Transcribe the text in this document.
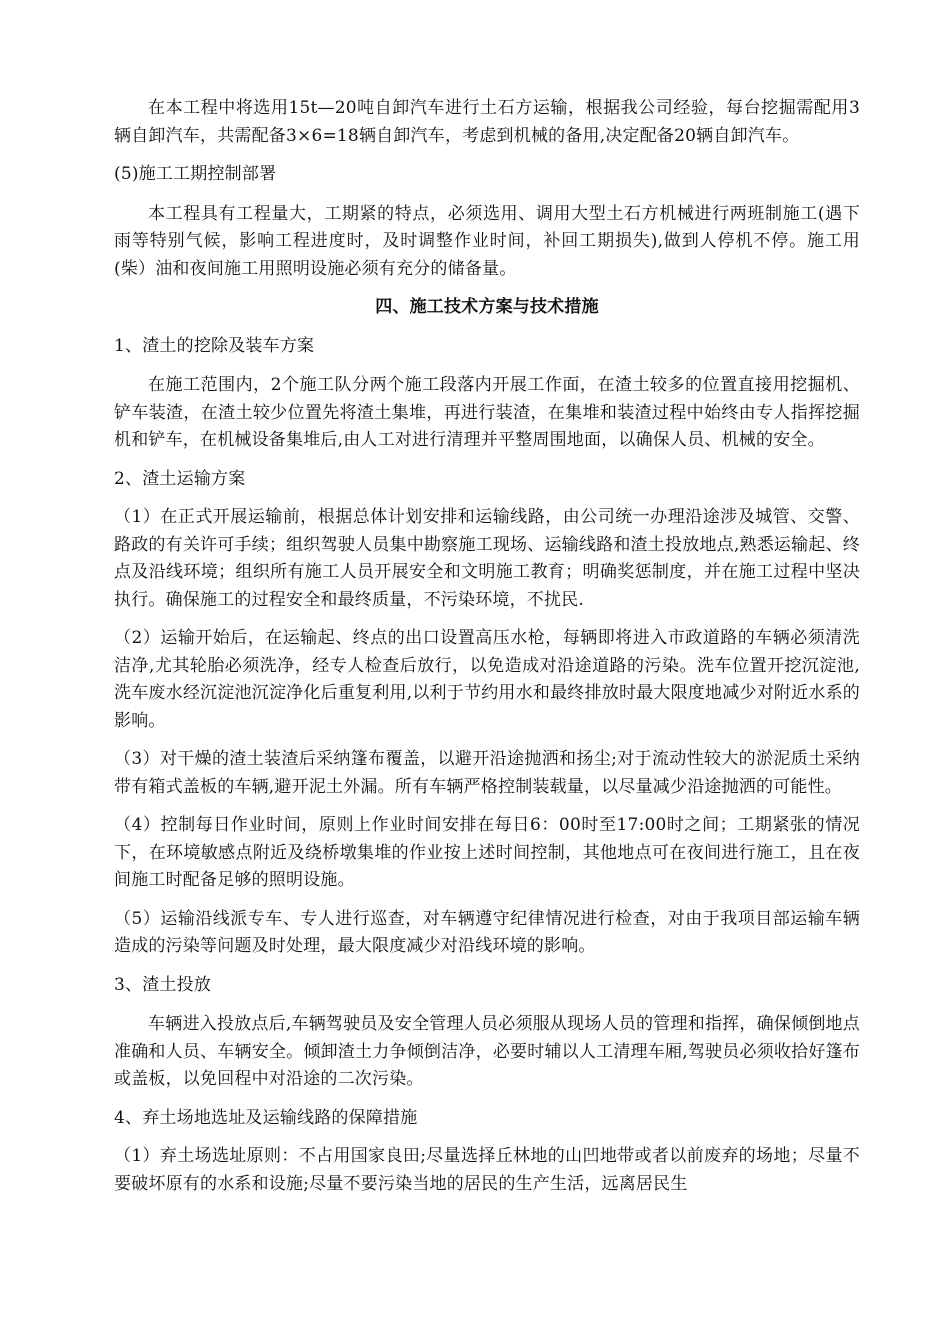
在本工程中将选用15t—20吨自卸汽车进行土石方运输，根据我公司经验，每台挖掘需配用3辆自卸汽车，共需配备3×6=18辆自卸汽车，考虑到机械的备用,决定配备20辆自卸汽车。

(5)施工工期控制部署

本工程具有工程量大，工期紧的特点，必须选用、调用大型土石方机械进行两班制施工(遇下雨等特别气候，影响工程进度时，及时调整作业时间，补回工期损失),做到人停机不停。施工用(柴）油和夜间施工用照明设施必须有充分的储备量。

四、施工技术方案与技术措施

1、渣土的挖除及装车方案

在施工范围内，2个施工队分两个施工段落内开展工作面，在渣土较多的位置直接用挖掘机、铲车装渣，在渣土较少位置先将渣土集堆，再进行装渣，在集堆和装渣过程中始终由专人指挥挖掘机和铲车，在机械设备集堆后,由人工对进行清理并平整周围地面，以确保人员、机械的安全。

2、渣土运输方案

（1）在正式开展运输前，根据总体计划安排和运输线路，由公司统一办理沿途涉及城管、交警、路政的有关许可手续；组织驾驶人员集中勘察施工现场、运输线路和渣土投放地点,熟悉运输起、终点及沿线环境；组织所有施工人员开展安全和文明施工教育；明确奖惩制度，并在施工过程中坚决执行。确保施工的过程安全和最终质量，不污染环境，不扰民.

（2）运输开始后，在运输起、终点的出口设置高压水枪，每辆即将进入市政道路的车辆必须清洗洁净,尤其轮胎必须洗净，经专人检查后放行，以免造成对沿途道路的污染。洗车位置开挖沉淀池,洗车废水经沉淀池沉淀净化后重复利用,以利于节约用水和最终排放时最大限度地减少对附近水系的影响。

（3）对干燥的渣土装渣后采纳篷布覆盖，以避开沿途抛洒和扬尘;对于流动性较大的淤泥质土采纳带有箱式盖板的车辆,避开泥土外漏。所有车辆严格控制装载量，以尽量减少沿途抛洒的可能性。

（4）控制每日作业时间，原则上作业时间安排在每日6：00时至17:00时之间；工期紧张的情况下，在环境敏感点附近及绕桥墩集堆的作业按上述时间控制，其他地点可在夜间进行施工，且在夜间施工时配备足够的照明设施。

（5）运输沿线派专车、专人进行巡查，对车辆遵守纪律情况进行检查，对由于我项目部运输车辆造成的污染等问题及时处理，最大限度减少对沿线环境的影响。

3、渣土投放

车辆进入投放点后,车辆驾驶员及安全管理人员必须服从现场人员的管理和指挥，确保倾倒地点准确和人员、车辆安全。倾卸渣土力争倾倒洁净，必要时辅以人工清理车厢,驾驶员必须收拾好篷布或盖板，以免回程中对沿途的二次污染。

4、弃土场地选址及运输线路的保障措施

（1）弃土场选址原则：不占用国家良田;尽量选择丘林地的山凹地带或者以前废弃的场地；尽量不要破坏原有的水系和设施;尽量不要污染当地的居民的生产生活，远离居民生
